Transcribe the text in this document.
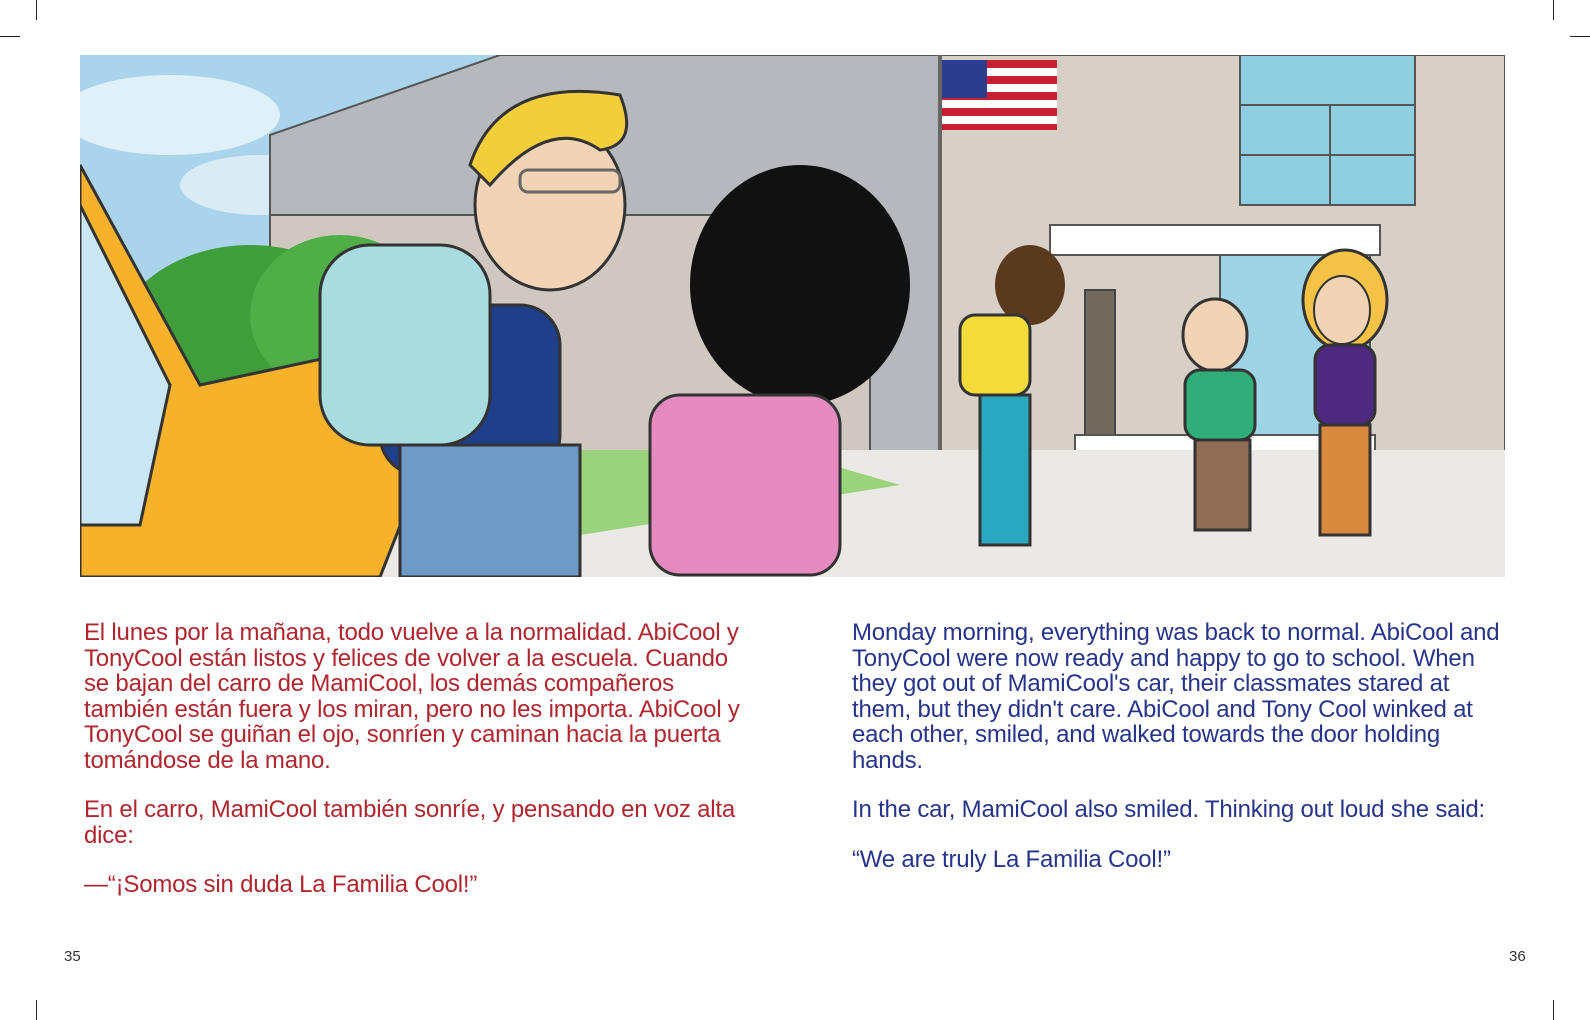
El lunes por la mañana, todo vuelve a la normalidad. AbiCool y TonyCool están listos y felices de volver a la escuela. Cuando se bajan del carro de MamiCool, los demás compañeros también están fuera y los miran, pero no les importa. AbiCool y TonyCool se guiñan el ojo, sonríen y caminan hacia la puerta tomándose de la mano.

En el carro, MamiCool también sonríe, y pensando en voz alta dice:

—“¡Somos sin duda La Familia Cool!”

Monday morning, everything was back to normal. AbiCool and TonyCool were now ready and happy to go to school. When they got out of MamiCool's car, their classmates stared at them, but they didn't care. AbiCool and Tony Cool winked at each other, smiled, and walked towards the door holding hands.

In the car, MamiCool also smiled. Thinking out loud she said:

“We are truly La Familia Cool!”

35	36
